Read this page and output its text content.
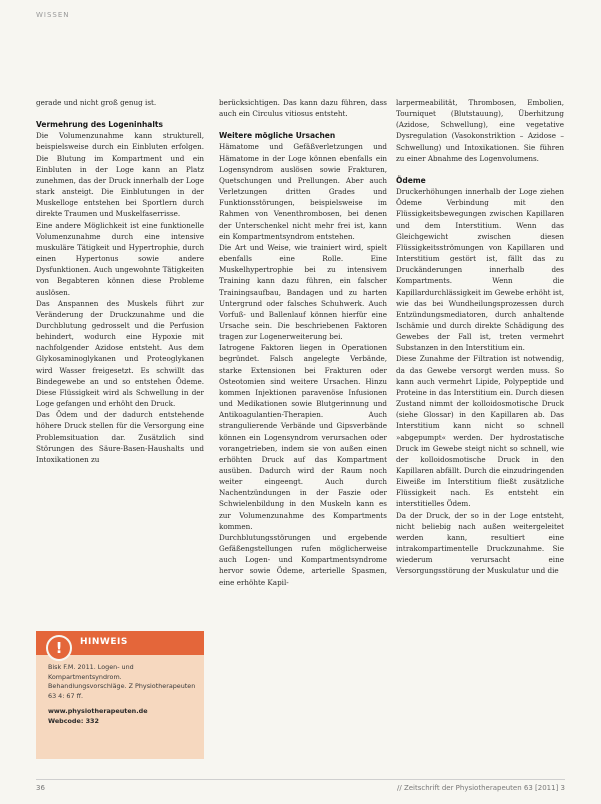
WISSEN

gerade und nicht groß genug ist.

Vermehrung des Logeninhalts

Die Volumenzunahme kann strukturell, beispielsweise durch ein Einbluten erfolgen. Die Blutung im Kompartment und ein Einbluten in der Loge kann an Platz zunehmen, das der Druck innerhalb der Loge stark ansteigt. Die Einblutungen in der Muskelloge entstehen bei Sportlern durch direkte Traumen und Muskelfaserrisse.

Eine andere Möglichkeit ist eine funktionelle Volumenzunahme durch eine intensive muskuläre Tätigkeit und Hypertrophie, durch einen Hypertonus sowie andere Dysfunktionen. Auch ungewohnte Tätigkeiten von Begabteren können diese Probleme auslösen.

Das Anspannen des Muskels führt zur Veränderung der Druckzunahme und die Durchblutung gedrosselt und die Perfusion behindert, wodurch eine Hypoxie mit nachfolgender Azidose entsteht. Aus dem Glykosaminoglykanen und Proteoglykanen wird Wasser freigesetzt. Es schwillt das Bindegewebe an und so entstehen Ödeme. Diese Flüssigkeit wird als Schwellung in der Loge gefangen und erhöht den Druck.

Das Ödem und der dadurch entstehende höhere Druck stellen für die Versorgung eine Problemsituation dar. Zusätzlich sind Störungen des Säure-Basen-Haushalts und Intoxikationen zu

berücksichtigen. Das kann dazu führen, dass auch ein Circulus vitiosus entsteht.

Weitere mögliche Ursachen

Hämatome und Gefäßverletzungen und Hämatome in der Loge können ebenfalls ein Logensyndrom auslösen sowie Frakturen, Quetschungen und Prellungen. Aber auch Verletzungen dritten Grades und Funktionsstörungen, beispielsweise im Rahmen von Venenthrombosen, bei denen der Unterschenkel nicht mehr frei ist, kann ein Kompartmentsyndrom entstehen.

Die Art und Weise, wie trainiert wird, spielt ebenfalls eine Rolle. Eine Muskelhypertrophie bei zu intensivem Training kann dazu führen, ein falscher Trainingsaufbau, Bandagen und zu harten Untergrund oder falsches Schuhwerk. Auch Vorfuß- und Ballenlauf können hierfür eine Ursache sein. Die beschriebenen Faktoren tragen zur Logenerweiterung bei.

Iatrogene Faktoren liegen in Operationen begründet. Falsch angelegte Verbände, starke Extensionen bei Frakturen oder Osteotomien sind weitere Ursachen. Hinzu kommen Injektionen paravenöse Infusionen und Medikationen sowie Blutgerinnung und Antikoagulantien-Therapien. Auch strangulierende Verbände und Gipsverbände können ein Logensyndrom verursachen oder vorangetrieben, indem sie von außen einen erhöhten Druck auf das Kompartment ausüben. Dadurch wird der Raum noch weiter eingeengt. Auch durch Nachentzündungen in der Faszie oder Schwielenbildung in den Muskeln kann es zur Volumenzunahme des Kompartments kommen.

Durchblutungsstörungen und ergebende Gefäßengstellungen rufen möglicherweise auch Logen- und Kompartmentsyndrome hervor sowie Ödeme, arterielle Spasmen, eine erhöhte Kapil-

larpermeabilität, Thrombosen, Embolien, Tourniquet (Blutstauung), Überhitzung (Azidose, Schwellung), eine vegetative Dysregulation (Vasokonstriktion – Azidose – Schwellung) und Intoxikationen. Sie führen zu einer Abnahme des Logenvolumens.

Ödeme

Druckerhöhungen innerhalb der Loge ziehen Ödeme Verbindung mit den Flüssigkeitsbewegungen zwischen Kapillaren und dem Interstitium. Wenn das Gleichgewicht zwischen diesen Flüssigkeitsströmungen von Kapillaren und Interstitium gestört ist, fällt das zu Druckänderungen innerhalb des Kompartments. Wenn die Kapillardurchlässigkeit im Gewebe erhöht ist, wie das bei Wundheilungsprozessen durch Entzündungsmediatoren, durch anhaltende Ischämie und durch direkte Schädigung des Gewebes der Fall ist, treten vermehrt Substanzen in den Interstitium ein.

Diese Zunahme der Filtration ist notwendig, da das Gewebe versorgt werden muss. So kann auch vermehrt Lipide, Polypeptide und Proteine in das Interstitium ein. Durch diesen Zustand nimmt der kolloidosmotische Druck (siehe Glossar) in den Kapillaren ab. Das Interstitium kann nicht so schnell »abgepumpt« werden. Der hydrostatische Druck im Gewebe steigt nicht so schnell, wie der kolloidosmotische Druck in den Kapillaren abfällt. Durch die einzudringenden Eiweiße im Interstitium fließt zusätzliche Flüssigkeit nach. Es entsteht ein interstitielles Ödem.

Da der Druck, der so in der Loge entsteht, nicht beliebig nach außen weitergeleitet werden kann, resultiert eine intrakompartimentelle Druckzunahme. Sie wiederum verursacht eine Versorgungsstörung der Muskulatur und die

!	HINWEIS

Bisk F.M. 2011. Logen- und Kompartmentsyndrom. Behandlungsvorschläge. Z Physiotherapeuten 63 4: 67 ff.

www.physiotherapeuten.de

Webcode: 332

36	// Zeitschrift der Physiotherapeuten 63 [2011] 3
